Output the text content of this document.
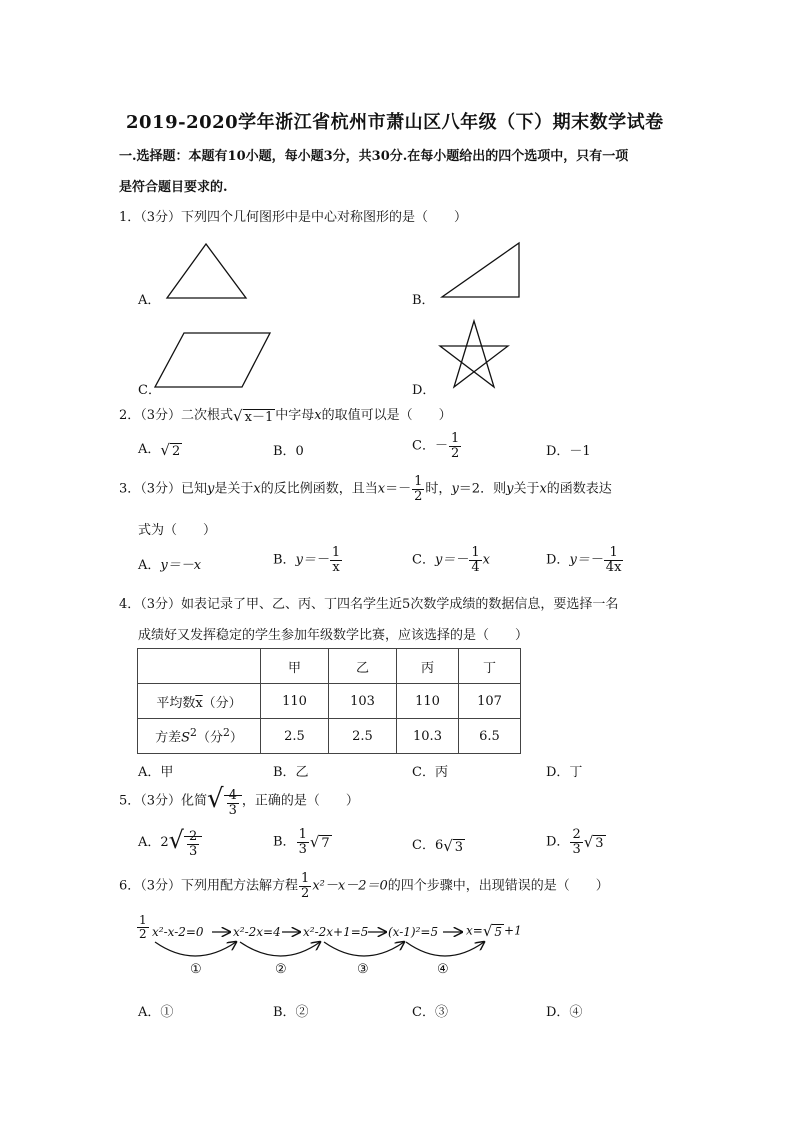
2019-2020学年浙江省杭州市萧山区八年级（下）期末数学试卷
一.选择题：本题有10小题，每小题3分，共30分.在每小题给出的四个选项中，只有一项
是符合题目要求的.
1．（3分）下列四个几何图形中是中心对称图形的是（　　）
A．	B．
C．	D．
2．（3分）二次根式√ x－1 中字母x的取值可以是（　　）
A．√ 2	B．0	C．－ $\frac{1}{2}$	D．－1
3．（3分）已知y是关于x的反比例函数，且当$x=- \frac{1}{2}$ 时，y＝2．则y关于x的函数表达
式为（　　）
A．y＝－x	B．$y=- \frac{1}{x}$	C．$y=- \frac{1}{4}$ x	D．$y=- \frac{1}{4x}$
4．（3分）如表记录了甲、乙、丙、丁四名学生近5次数学成绩的数据信息，要选择一名
成绩好又发挥稳定的学生参加年级数学比赛，应该选择的是（　　）
	甲	乙	丙	丁
平均数$\overline{x}$（分）	110	103	110	107
方差$S^2$（分$^2$）	2.5	2.5	10.3	6.5
A．甲	B．乙	C．丙	D．丁
5．（3分）化简√ $\frac{4}{3}$ ，正确的是（　　）
A．$2√ \frac{2}{3}$	B． $\frac{1}{3}$ √ 7	C．6√ 3	D． $\frac{2}{3}$ √ 3
6．（3分）下列用配方法解方程 $\frac{1}{2} x^2-x-2=0$的四个步骤中，出现错误的是（　　）
$\frac{1}{2} x^2-x-2=0$ x²-2x=4 x²-2x+1=5 (x-1)²=5 x=√ 5 +1
①	②	③	④
A．①	B．②	C．③	D．④
